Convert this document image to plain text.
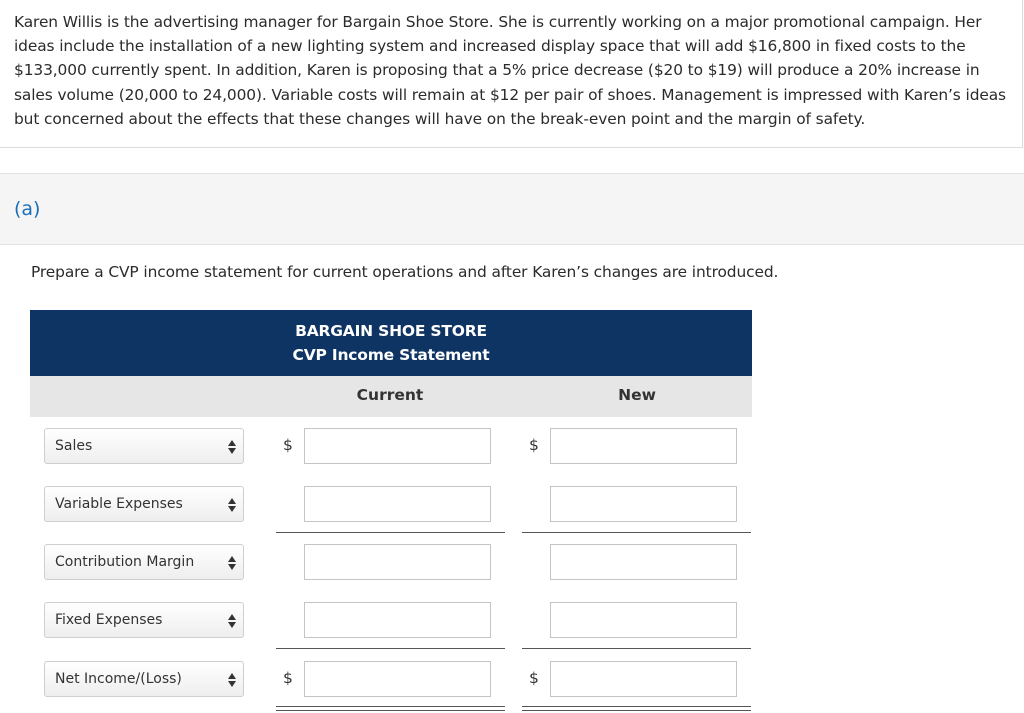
Karen Willis is the advertising manager for Bargain Shoe Store. She is currently working on a major promotional campaign. Her ideas include the installation of a new lighting system and increased display space that will add $16,800 in fixed costs to the $133,000 currently spent. In addition, Karen is proposing that a 5% price decrease ($20 to $19) will produce a 20% increase in sales volume (20,000 to 24,000). Variable costs will remain at $12 per pair of shoes. Management is impressed with Karen’s ideas but concerned about the effects that these changes will have on the break-even point and the margin of safety.
(a)
Prepare a CVP income statement for current operations and after Karen’s changes are introduced.
BARGAIN SHOE STORE
CVP Income Statement
Current	New
Sales	$	$
Variable Expenses
Contribution Margin
Fixed Expenses
Net Income/(Loss)	$	$
